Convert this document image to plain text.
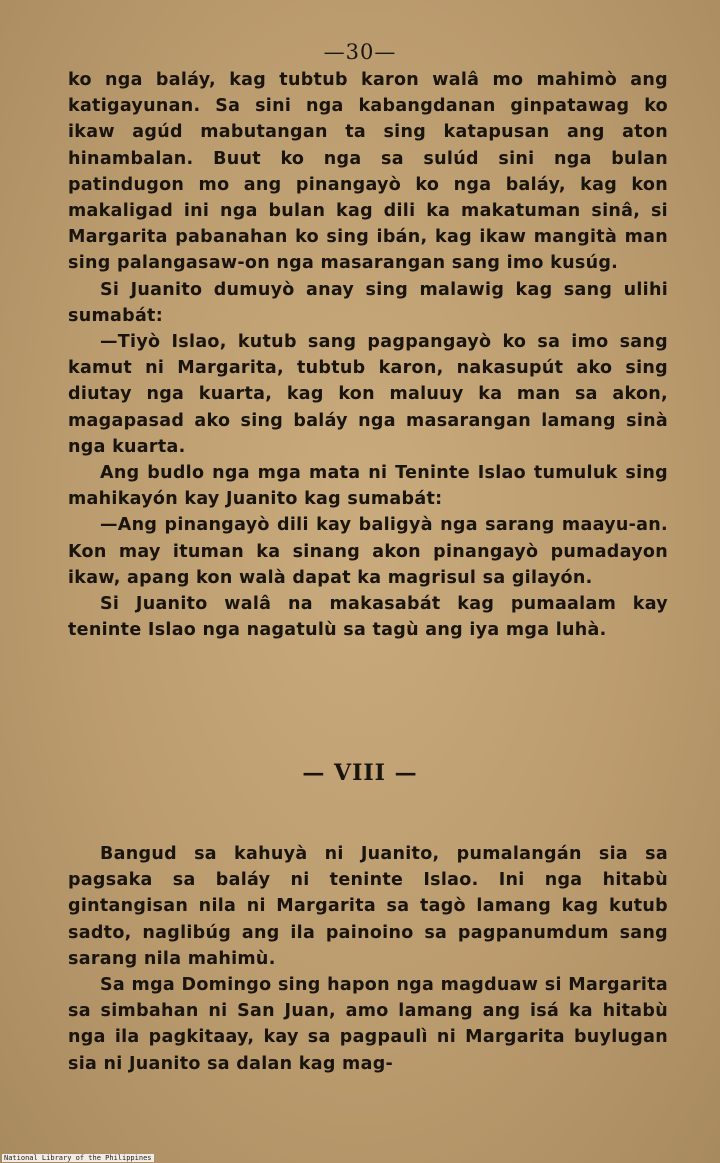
—30—

ko nga baláy, kag tubtub karon walâ mo mahimò ang katigayunan. Sa sini nga kabangdanan ginpatawag ko ikaw agúd mabutangan ta sing katapusan ang aton hinambalan. Buut ko nga sa sulúd sini nga bulan patindugon mo ang pinangayò ko nga baláy, kag kon makaligad ini nga bulan kag dili ka makatuman sinâ, si Margarita pabanahan ko sing ibán, kag ikaw mangità man sing palangasaw-on nga masarangan sang imo kusúg.

Si Juanito dumuyò anay sing malawig kag sang ulihi sumabát:

—Tiyò Islao, kutub sang pagpangayò ko sa imo sang kamut ni Margarita, tubtub karon, nakasupút ako sing diutay nga kuarta, kag kon maluuy ka man sa akon, magapasad ako sing baláy nga masarangan lamang sinà nga kuarta.

Ang budlo nga mga mata ni Teninte Islao tumuluk sing mahikayón kay Juanito kag sumabát:

—Ang pinangayò dili kay baligyà nga sarang maayu-an. Kon may ituman ka sinang akon pinangayò pumadayon ikaw, apang kon walà dapat ka magrisul sa gilayón.

Si Juanito walâ na makasabát kag pumaalam kay teninte Islao nga nagatulù sa tagù ang iya mga luhà.

— VIII —

Bangud sa kahuyà ni Juanito, pumalangán sia sa pagsaka sa baláy ni teninte Islao. Ini nga hitabù gintangisan nila ni Margarita sa tagò lamang kag kutub sadto, naglibúg ang ila painoino sa pagpanumdum sang sarang nila mahimù.

Sa mga Domingo sing hapon nga magduaw si Margarita sa simbahan ni San Juan, amo lamang ang isá ka hitabù nga ila pagkitaay, kay sa pagpaulì ni Margarita buylugan sia ni Juanito sa dalan kag mag-

National Library of the Philippines
